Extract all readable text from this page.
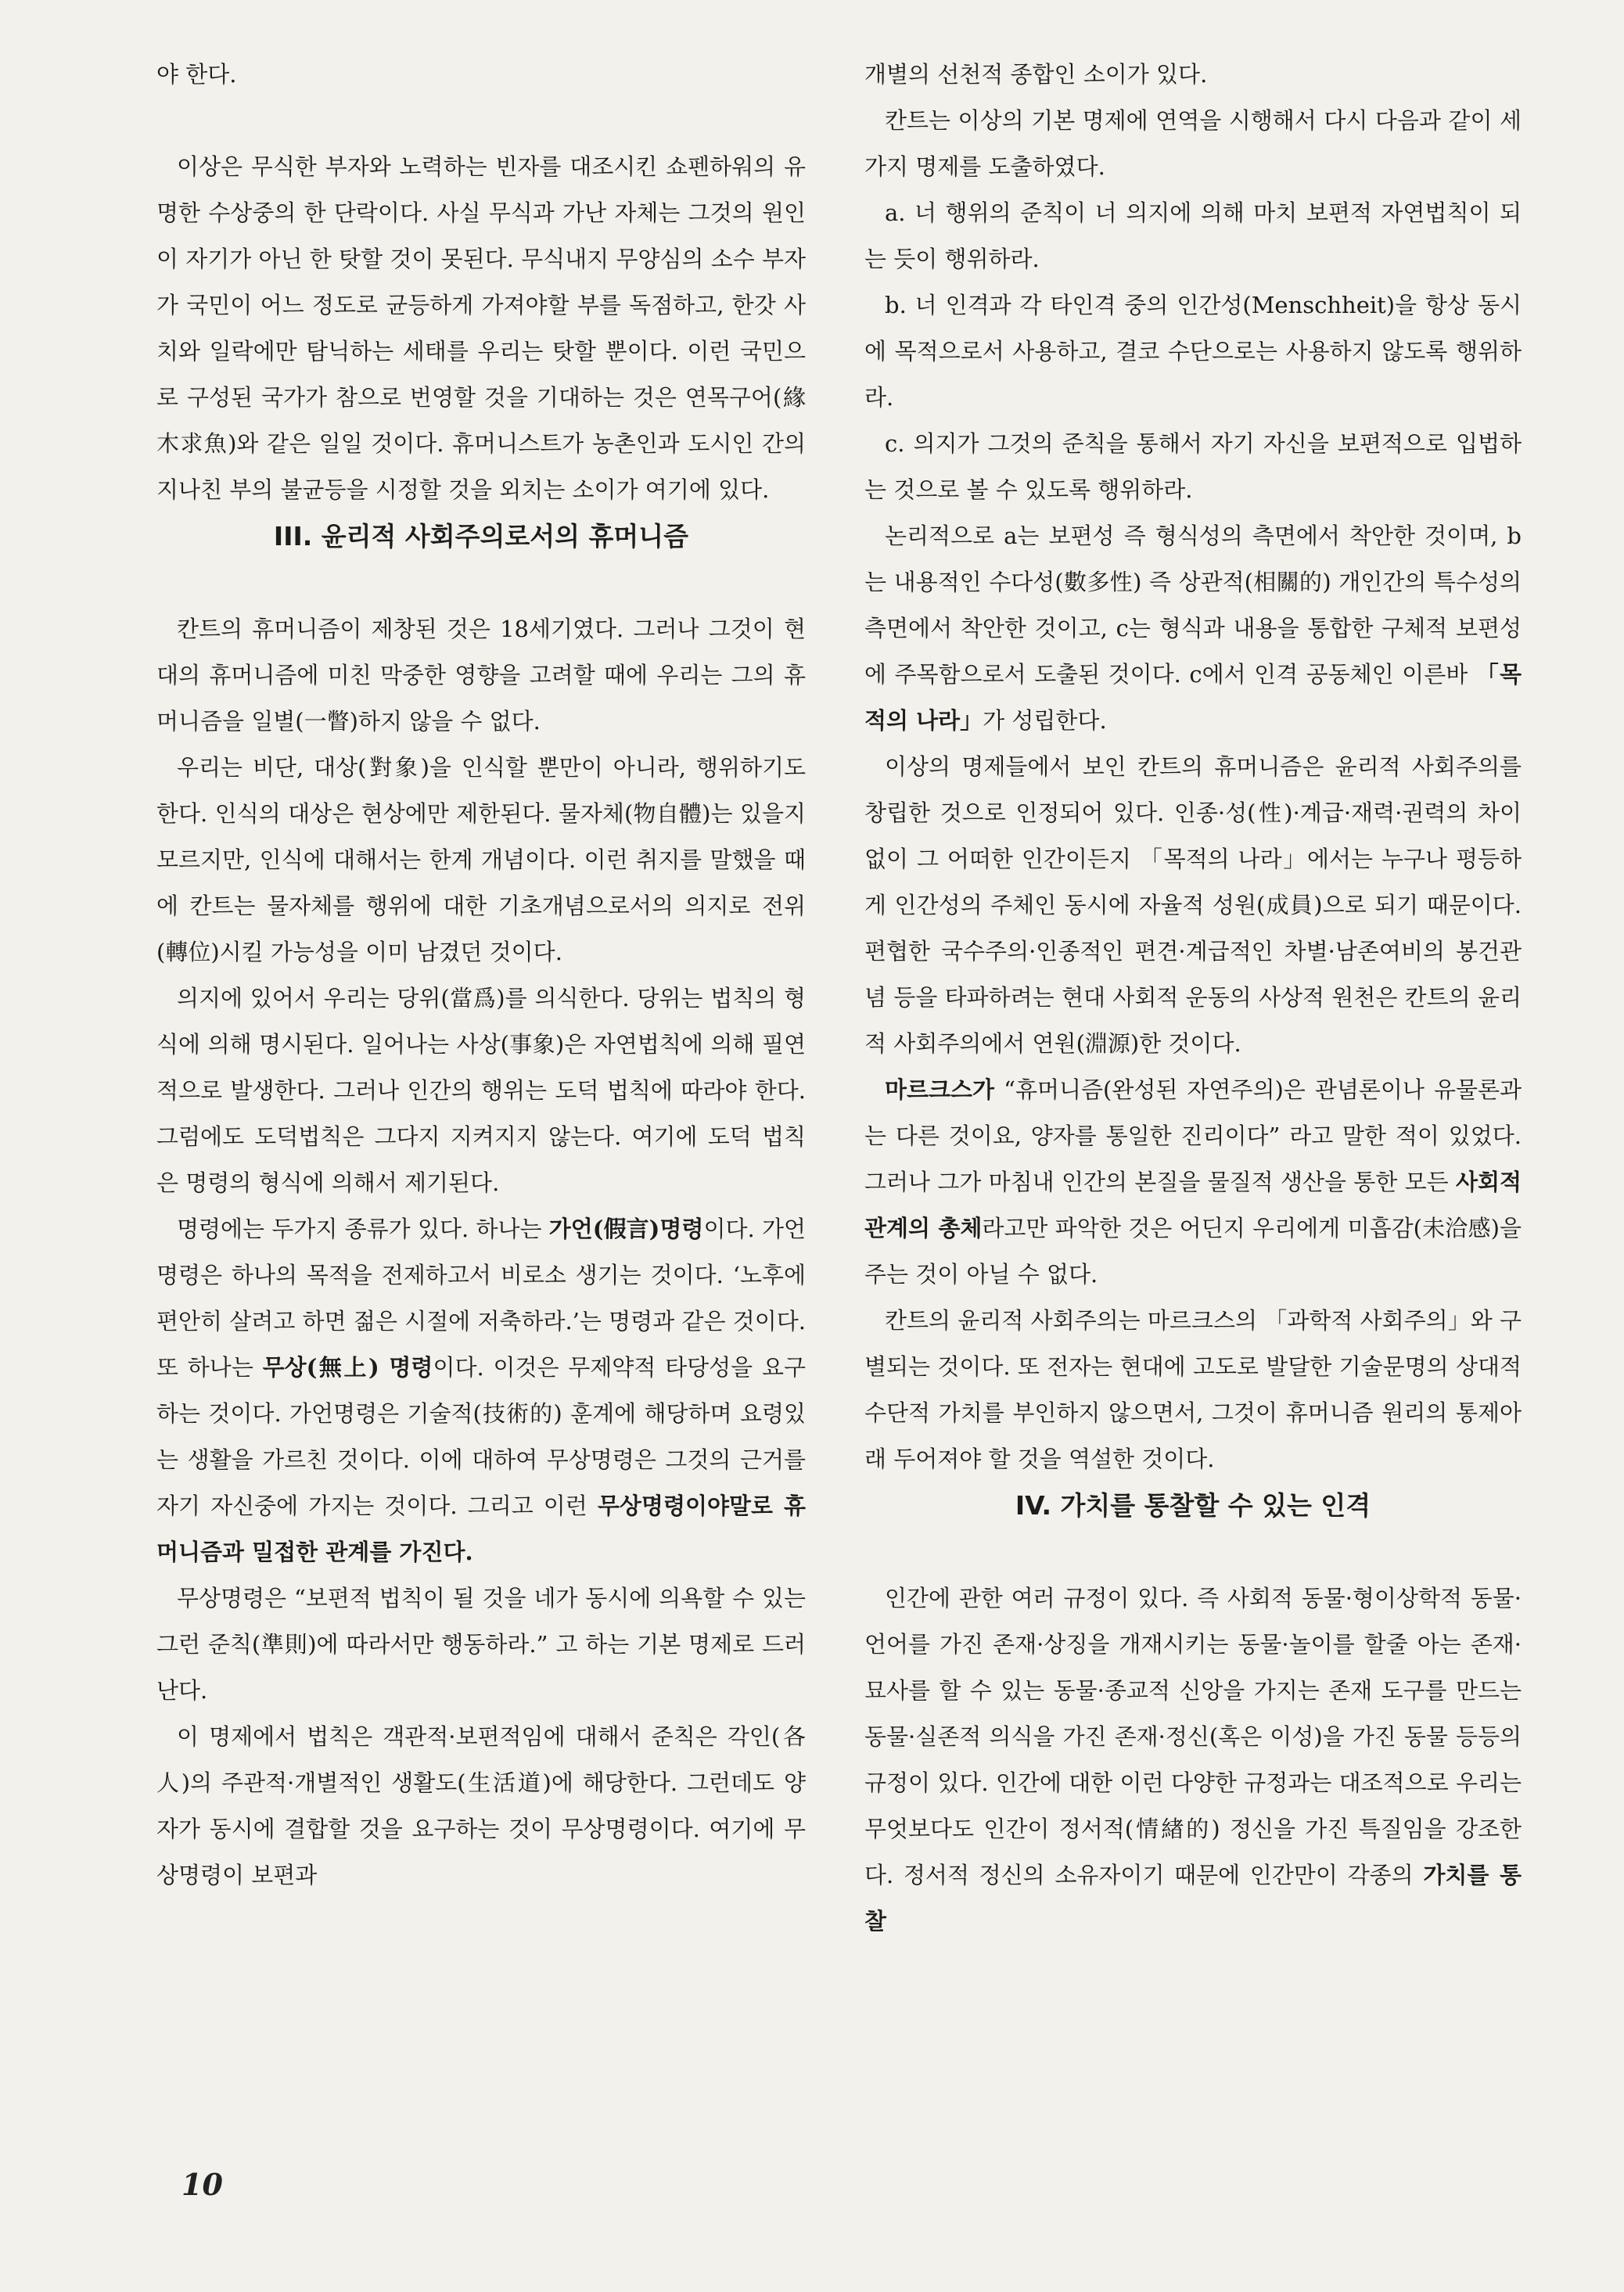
야 한다.

이상은 무식한 부자와 노력하는 빈자를 대조시킨 쇼펜하워의 유명한 수상중의 한 단락이다. 사실 무식과 가난 자체는 그것의 원인이 자기가 아닌 한 탓할 것이 못된다. 무식내지 무양심의 소수 부자가 국민이 어느 정도로 균등하게 가져야할 부를 독점하고, 한갓 사치와 일락에만 탐닉하는 세태를 우리는 탓할 뿐이다. 이런 국민으로 구성된 국가가 참으로 번영할 것을 기대하는 것은 연목구어(緣木求魚)와 같은 일일 것이다. 휴머니스트가 농촌인과 도시인 간의 지나친 부의 불균등을 시정할 것을 외치는 소이가 여기에 있다.

III. 윤리적 사회주의로서의 휴머니즘

칸트의 휴머니즘이 제창된 것은 18세기였다. 그러나 그것이 현대의 휴머니즘에 미친 막중한 영향을 고려할 때에 우리는 그의 휴머니즘을 일별(一瞥)하지 않을 수 없다.

우리는 비단, 대상(對象)을 인식할 뿐만이 아니라, 행위하기도 한다. 인식의 대상은 현상에만 제한된다. 물자체(物自體)는 있을지 모르지만, 인식에 대해서는 한계 개념이다. 이런 취지를 말했을 때에 칸트는 물자체를 행위에 대한 기초개념으로서의 의지로 전위(轉位)시킬 가능성을 이미 남겼던 것이다.

의지에 있어서 우리는 당위(當爲)를 의식한다. 당위는 법칙의 형식에 의해 명시된다. 일어나는 사상(事象)은 자연법칙에 의해 필연적으로 발생한다. 그러나 인간의 행위는 도덕 법칙에 따라야 한다. 그럼에도 도덕법칙은 그다지 지켜지지 않는다. 여기에 도덕 법칙은 명령의 형식에 의해서 제기된다.

명령에는 두가지 종류가 있다. 하나는 가언(假言)명령이다. 가언명령은 하나의 목적을 전제하고서 비로소 생기는 것이다. ‘노후에 편안히 살려고 하면 젊은 시절에 저축하라.’는 명령과 같은 것이다. 또 하나는 무상(無上) 명령이다. 이것은 무제약적 타당성을 요구하는 것이다. 가언명령은 기술적(技術的) 훈계에 해당하며 요령있는 생활을 가르친 것이다. 이에 대하여 무상명령은 그것의 근거를 자기 자신중에 가지는 것이다. 그리고 이런 무상명령이야말로 휴머니즘과 밀접한 관계를 가진다.

무상명령은 “보편적 법칙이 될 것을 네가 동시에 의욕할 수 있는 그런 준칙(準則)에 따라서만 행동하라.” 고 하는 기본 명제로 드러난다.

이 명제에서 법칙은 객관적·보편적임에 대해서 준칙은 각인(各人)의 주관적·개별적인 생활도(生活道)에 해당한다. 그런데도 양자가 동시에 결합할 것을 요구하는 것이 무상명령이다. 여기에 무상명령이 보편과

개별의 선천적 종합인 소이가 있다.

칸트는 이상의 기본 명제에 연역을 시행해서 다시 다음과 같이 세가지 명제를 도출하였다.

a. 너 행위의 준칙이 너 의지에 의해 마치 보편적 자연법칙이 되는 듯이 행위하라.

b. 너 인격과 각 타인격 중의 인간성(Menschheit)을 항상 동시에 목적으로서 사용하고, 결코 수단으로는 사용하지 않도록 행위하라.

c. 의지가 그것의 준칙을 통해서 자기 자신을 보편적으로 입법하는 것으로 볼 수 있도록 행위하라.

논리적으로 a는 보편성 즉 형식성의 측면에서 착안한 것이며, b는 내용적인 수다성(數多性) 즉 상관적(相關的) 개인간의 특수성의 측면에서 착안한 것이고, c는 형식과 내용을 통합한 구체적 보편성에 주목함으로서 도출된 것이다. c에서 인격 공동체인 이른바 「목적의 나라」가 성립한다.

이상의 명제들에서 보인 칸트의 휴머니즘은 윤리적 사회주의를 창립한 것으로 인정되어 있다. 인종·성(性)·계급·재력·권력의 차이없이 그 어떠한 인간이든지 「목적의 나라」에서는 누구나 평등하게 인간성의 주체인 동시에 자율적 성원(成員)으로 되기 때문이다. 편협한 국수주의·인종적인 편견·계급적인 차별·남존여비의 봉건관념 등을 타파하려는 현대 사회적 운동의 사상적 원천은 칸트의 윤리적 사회주의에서 연원(淵源)한 것이다.

마르크스가 “휴머니즘(완성된 자연주의)은 관념론이나 유물론과는 다른 것이요, 양자를 통일한 진리이다” 라고 말한 적이 있었다. 그러나 그가 마침내 인간의 본질을 물질적 생산을 통한 모든 사회적 관계의 총체라고만 파악한 것은 어딘지 우리에게 미흡감(未洽感)을 주는 것이 아닐 수 없다.

칸트의 윤리적 사회주의는 마르크스의 「과학적 사회주의」와 구별되는 것이다. 또 전자는 현대에 고도로 발달한 기술문명의 상대적 수단적 가치를 부인하지 않으면서, 그것이 휴머니즘 원리의 통제아래 두어져야 할 것을 역설한 것이다.

IV. 가치를 통찰할 수 있는 인격

인간에 관한 여러 규정이 있다. 즉 사회적 동물·형이상학적 동물·언어를 가진 존재·상징을 개재시키는 동물·놀이를 할줄 아는 존재·묘사를 할 수 있는 동물·종교적 신앙을 가지는 존재 도구를 만드는 동물·실존적 의식을 가진 존재·정신(혹은 이성)을 가진 동물 등등의 규정이 있다. 인간에 대한 이런 다양한 규정과는 대조적으로 우리는 무엇보다도 인간이 정서적(情緖的) 정신을 가진 특질임을 강조한다. 정서적 정신의 소유자이기 때문에 인간만이 각종의 가치를 통찰

10
